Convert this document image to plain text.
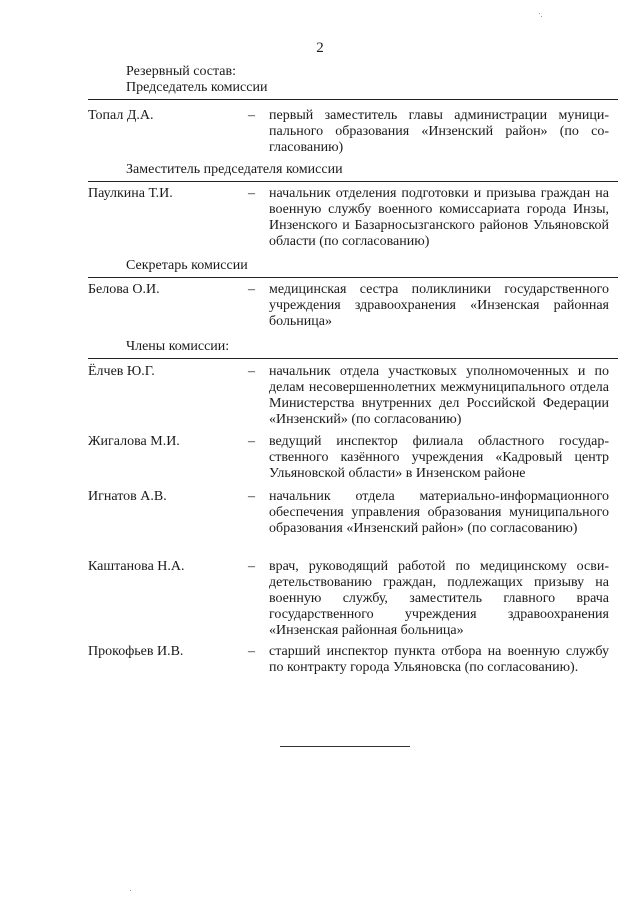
2
Резервный состав:
Председатель комиссии
Топал Д.А.	– первый заместитель главы администрации муниципального образования «Инзенский район» (по согласованию)
Заместитель председателя комиссии
Паулкина Т.И.	– начальник отделения подготовки и призыва граждан на военную службу военного комиссариата города Инзы, Инзенского и Базарносызганского районов Ульяновской области (по согласованию)
Секретарь комиссии
Белова О.И.	– медицинская сестра поликлиники государственного учреждения здравоохранения «Инзенская районная больница»
Члены комиссии:
Ёлчев Ю.Г.	– начальник отдела участковых уполномоченных и по делам несовершеннолетних межмуниципального отдела Министерства внутренних дел Российской Федерации «Инзенский» (по согласованию)
Жигалова М.И.	– ведущий инспектор филиала областного государственного казённого учреждения «Кадровый центр Ульяновской области» в Инзенском районе
Игнатов А.В.	– начальник отдела материально-информационного обеспечения управления образования муниципального образования «Инзенский район» (по согласованию)
Каштанова Н.А.	– врач, руководящий работой по медицинскому освидетельствованию граждан, подлежащих призыву на военную службу, заместитель главного врача государственного учреждения здравоохранения «Инзенская районная больница»
Прокофьев И.В.	– старший инспектор пункта отбора на военную службу по контракту города Ульяновска (по согласованию).
